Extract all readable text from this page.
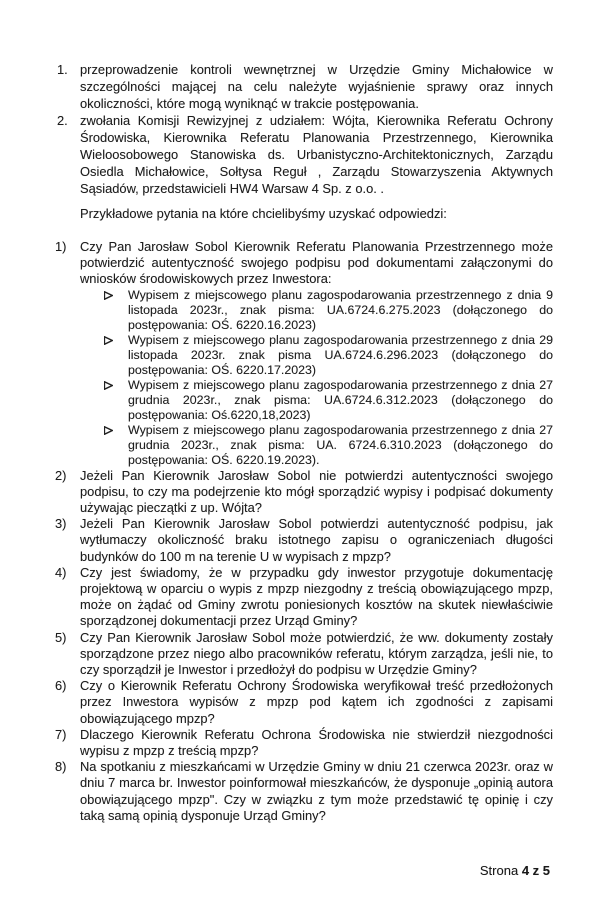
1. przeprowadzenie kontroli wewnętrznej w Urzędzie Gminy Michałowice w szczególności mającej na celu należyte wyjaśnienie sprawy oraz innych okoliczności, które mogą wyniknąć w trakcie postępowania.
2. zwołania Komisji Rewizyjnej z udziałem: Wójta, Kierownika Referatu Ochrony Środowiska, Kierownika Referatu Planowania Przestrzennego, Kierownika Wieloosobowego Stanowiska ds. Urbanistyczno-Architektonicznych, Zarządu Osiedla Michałowice, Sołtysa Reguł , Zarządu Stowarzyszenia Aktywnych Sąsiadów, przedstawicieli HW4 Warsaw 4 Sp. z o.o. .

Przykładowe pytania na które chcielibyśmy uzyskać odpowiedzi:

1)	Czy Pan Jarosław Sobol Kierownik Referatu Planowania Przestrzennego może potwierdzić autentyczność swojego podpisu pod dokumentami załączonymi do wniosków środowiskowych przez Inwestora:
Wypisem z miejscowego planu zagospodarowania przestrzennego z dnia 9 listopada 2023r., znak pisma: UA.6724.6.275.2023 (dołączonego do postępowania: OŚ. 6220.16.2023)
Wypisem z miejscowego planu zagospodarowania przestrzennego z dnia 29 listopada 2023r. znak pisma UA.6724.6.296.2023 (dołączonego do postępowania: OŚ. 6220.17.2023)
Wypisem z miejscowego planu zagospodarowania przestrzennego z dnia 27 grudnia 2023r., znak pisma: UA.6724.6.312.2023 (dołączonego do postępowania: Oś.6220,18,2023)
Wypisem z miejscowego planu zagospodarowania przestrzennego z dnia 27 grudnia 2023r., znak pisma: UA. 6724.6.310.2023 (dołączonego do postępowania: OŚ. 6220.19.2023).
2)	Jeżeli Pan Kierownik Jarosław Sobol nie potwierdzi autentyczności swojego podpisu, to czy ma podejrzenie kto mógł sporządzić wypisy i podpisać dokumenty używając pieczątki z up. Wójta?
3)	Jeżeli Pan Kierownik Jarosław Sobol potwierdzi autentyczność podpisu, jak wytłumaczy okoliczność braku istotnego zapisu o ograniczeniach długości budynków do 100 m na terenie U w wypisach z mpzp?
4)	Czy jest świadomy, że w przypadku gdy inwestor przygotuje dokumentację projektową w oparciu o wypis z mpzp niezgodny z treścią obowiązującego mpzp, może on żądać od Gminy zwrotu poniesionych kosztów na skutek niewłaściwie sporządzonej dokumentacji przez Urząd Gminy?
5)	Czy Pan Kierownik Jarosław Sobol może potwierdzić, że ww. dokumenty zostały sporządzone przez niego albo pracowników referatu, którym zarządza, jeśli nie, to czy sporządził je Inwestor i przedłożył do podpisu w Urzędzie Gminy?
6)	Czy o Kierownik Referatu Ochrony Środowiska weryfikował treść przedłożonych przez Inwestora wypisów z mpzp pod kątem ich zgodności z zapisami obowiązującego mpzp?
7)	Dlaczego Kierownik Referatu Ochrona Środowiska nie stwierdził niezgodności wypisu z mpzp z treścią mpzp?
8)	Na spotkaniu z mieszkańcami w Urzędzie Gminy w dniu 21 czerwca 2023r. oraz w dniu 7 marca br. Inwestor poinformował mieszkańców, że dysponuje „opinią autora obowiązującego mpzp". Czy w związku z tym może przedstawić tę opinię i czy taką samą opinią dysponuje Urząd Gminy?
Strona 4 z 5
